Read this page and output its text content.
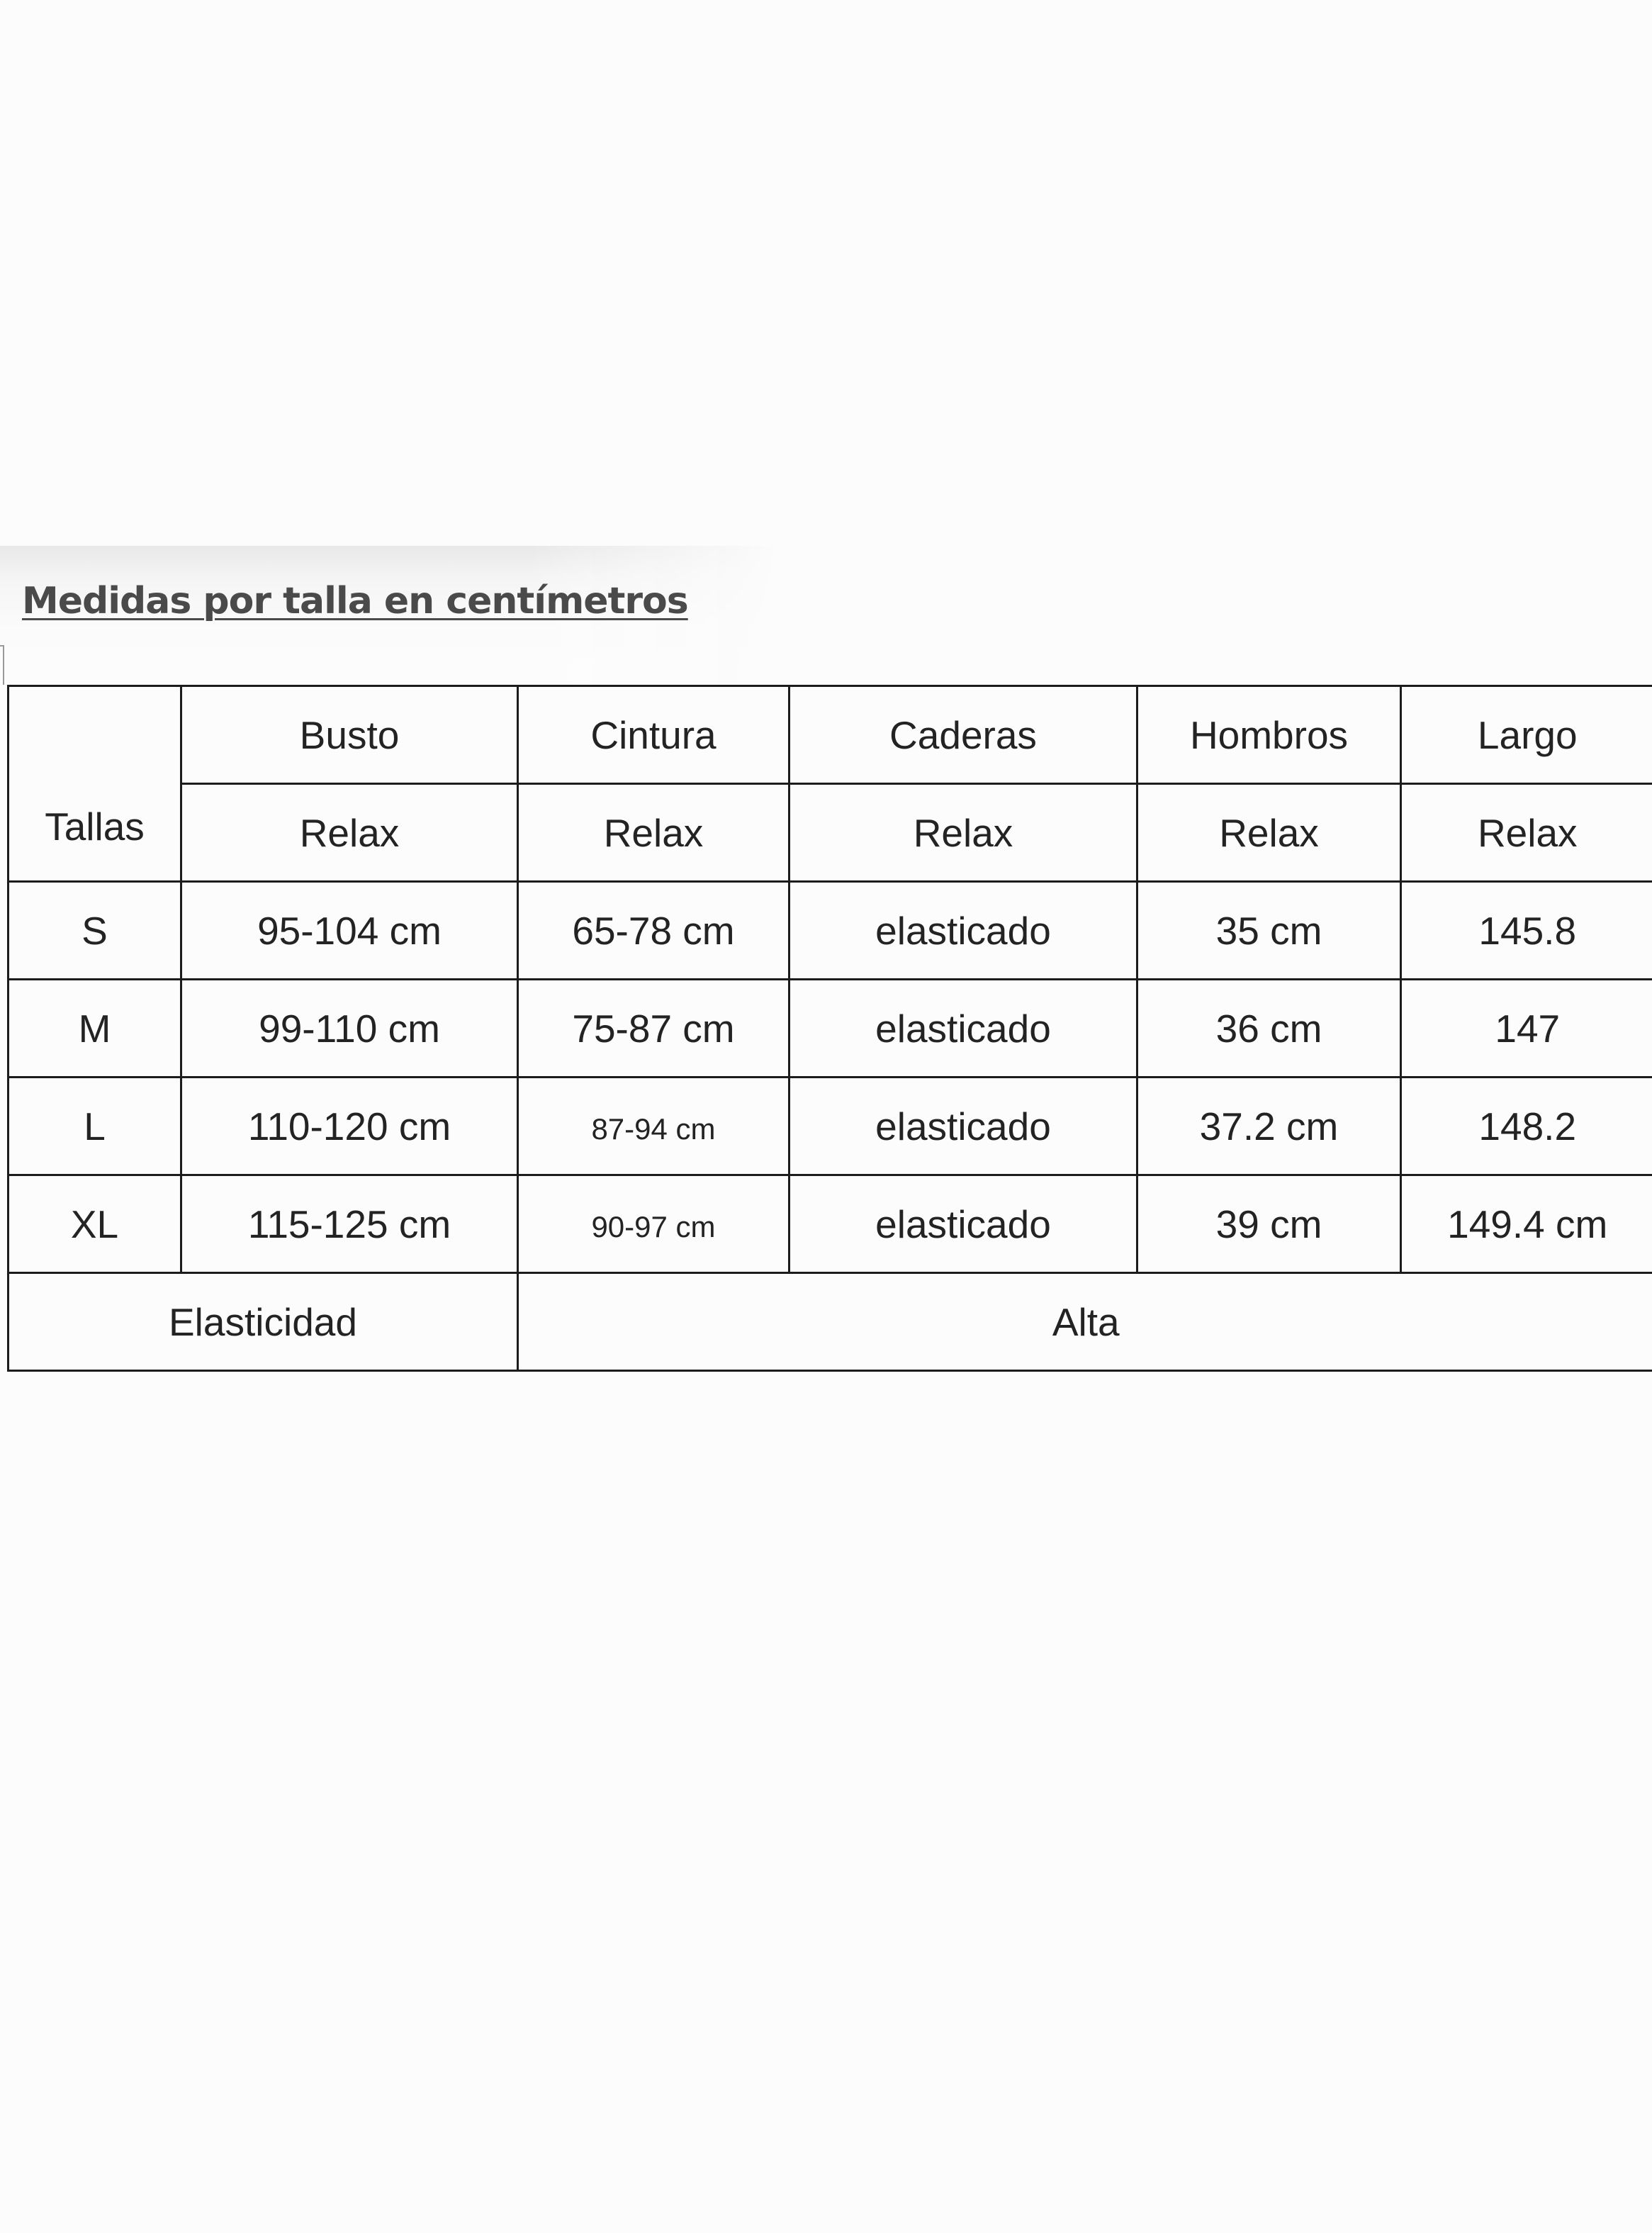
Medidas por talla en centímetros
Tallas	Busto	Cintura	Caderas	Hombros	Largo
	Relax	Relax	Relax	Relax	Relax
S	95-104 cm	65-78 cm	elasticado	35 cm	145.8
M	99-110 cm	75-87 cm	elasticado	36 cm	147
L	110-120 cm	87-94 cm	elasticado	37.2 cm	148.2
XL	115-125 cm	90-97 cm	elasticado	39 cm	149.4 cm
Elasticidad		Alta			
